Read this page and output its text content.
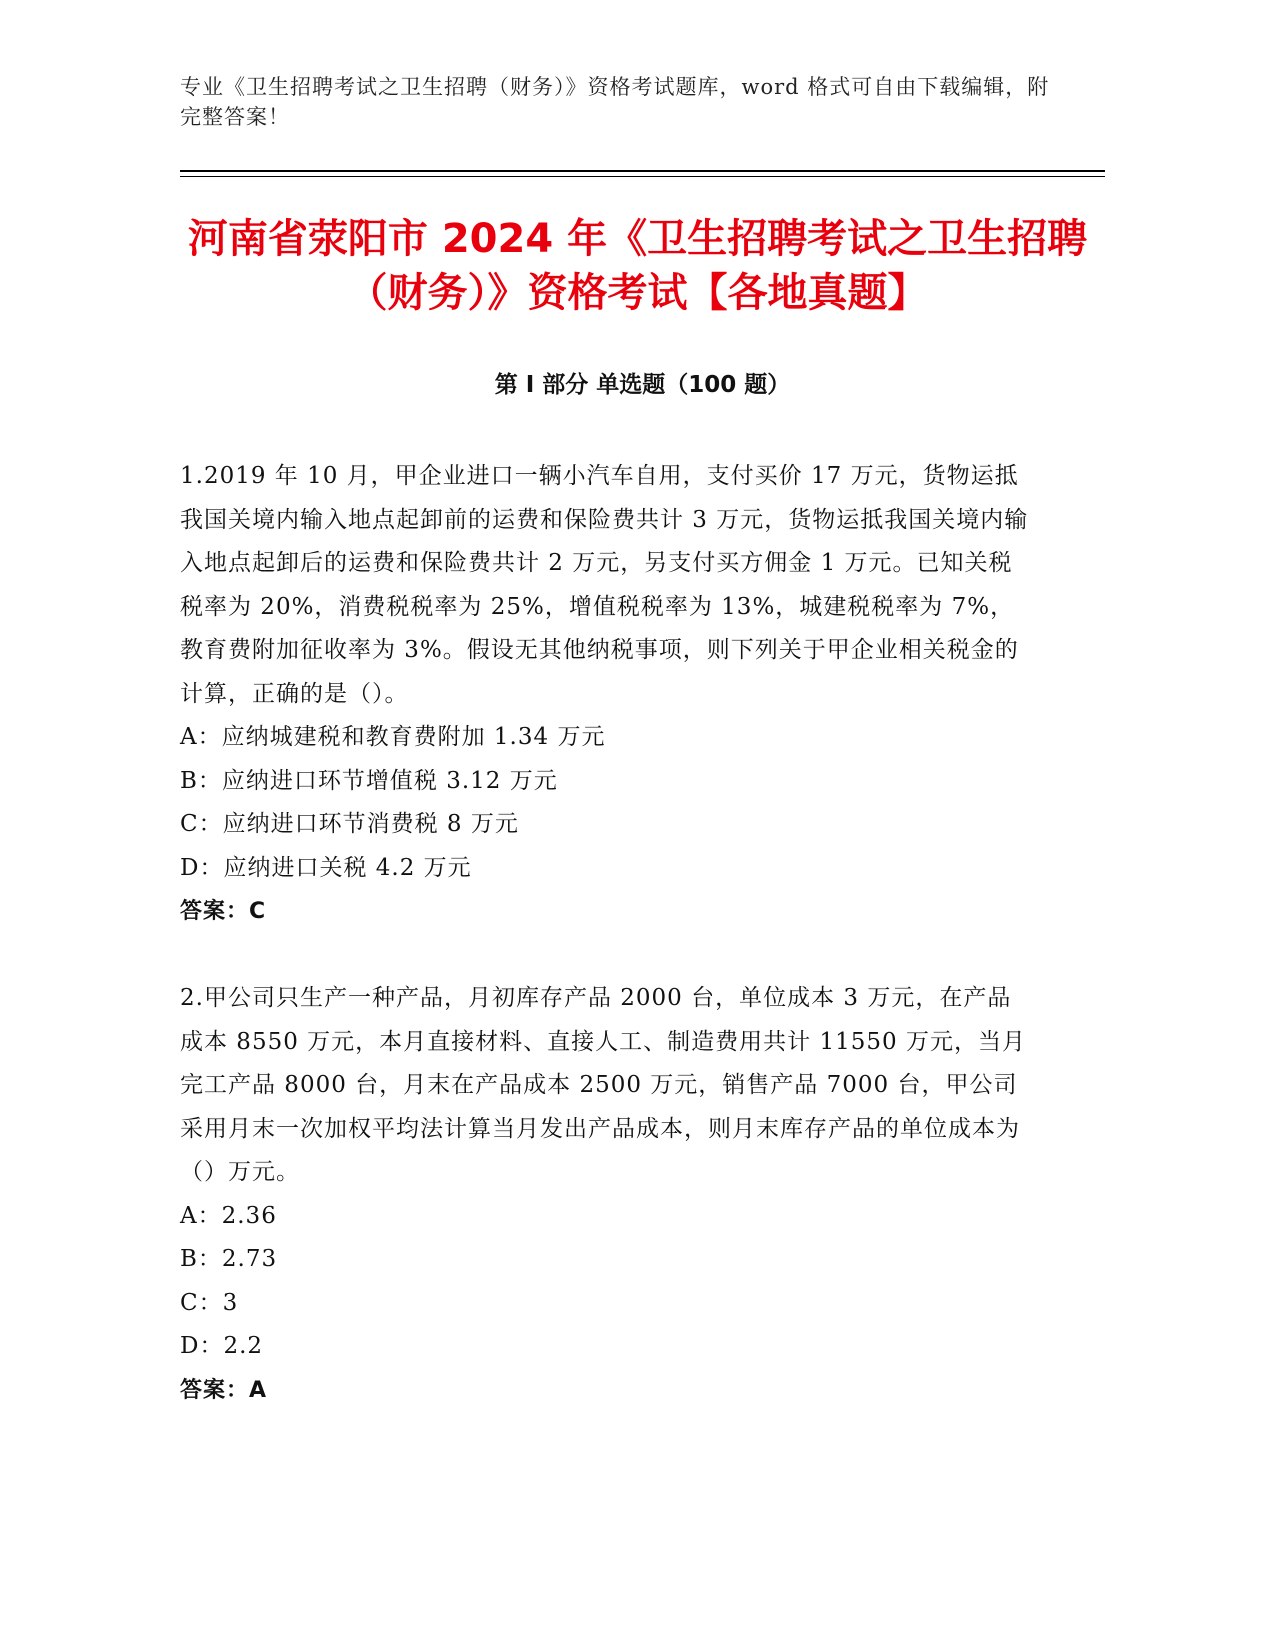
专业《卫生招聘考试之卫生招聘（财务）》资格考试题库，word 格式可自由下载编辑，附完整答案！
河南省荥阳市 2024 年《卫生招聘考试之卫生招聘（财务）》资格考试【各地真题】
第 I 部分 单选题（100 题）

1.2019 年 10 月，甲企业进口一辆小汽车自用，支付买价 17 万元，货物运抵我国关境内输入地点起卸前的运费和保险费共计 3 万元，货物运抵我国关境内输入地点起卸后的运费和保险费共计 2 万元，另支付买方佣金 1 万元。已知关税税率为 20%，消费税税率为 25%，增值税税率为 13%，城建税税率为 7%，教育费附加征收率为 3%。假设无其他纳税事项，则下列关于甲企业相关税金的计算，正确的是（）。

A：应纳城建税和教育费附加 1.34 万元

B：应纳进口环节增值税 3.12 万元

C：应纳进口环节消费税 8 万元

D：应纳进口关税 4.2 万元

答案：C

2.甲公司只生产一种产品，月初库存产品 2000 台，单位成本 3 万元，在产品成本 8550 万元，本月直接材料、直接人工、制造费用共计 11550 万元，当月完工产品 8000 台，月末在产品成本 2500 万元，销售产品 7000 台，甲公司采用月末一次加权平均法计算当月发出产品成本，则月末库存产品的单位成本为（）万元。

A：2.36

B：2.73

C：3

D：2.2

答案：A
